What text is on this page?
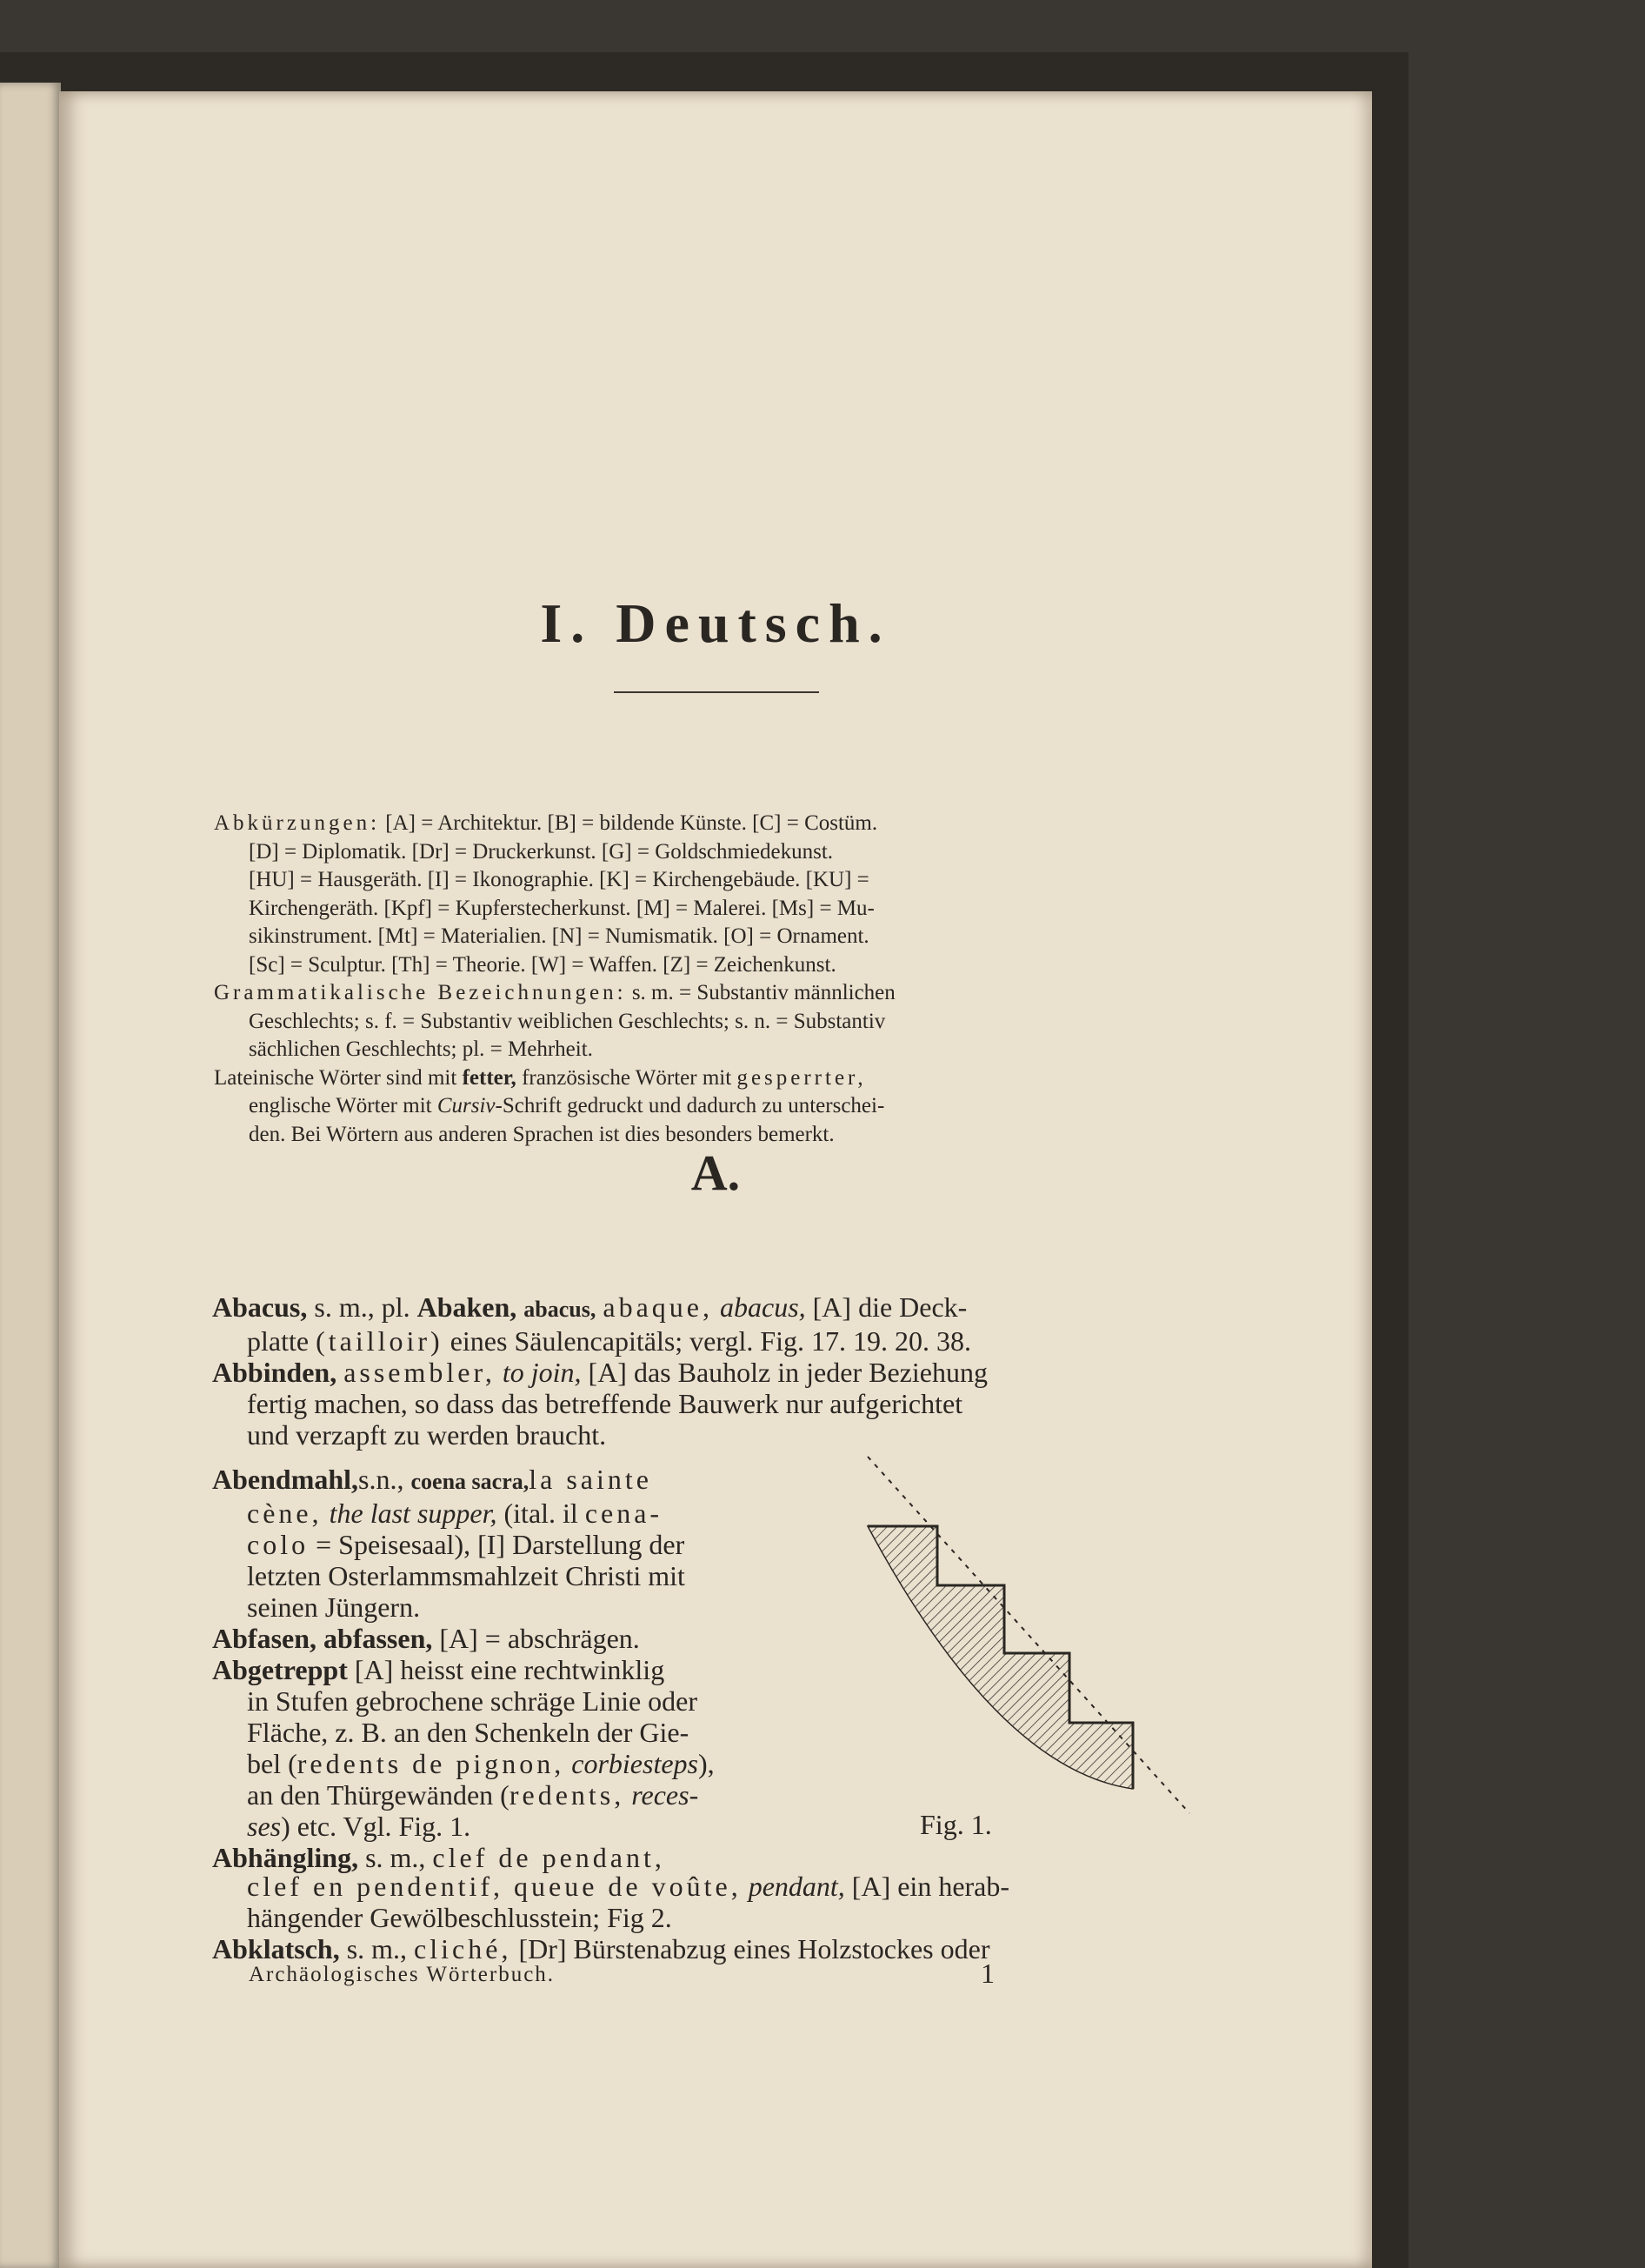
I. Deutsch.
Abkürzungen: [A] = Architektur. [B] = bildende Künste. [C] = Costüm.
[D] = Diplomatik. [Dr] = Druckerkunst. [G] = Goldschmiedekunst.
[HU] = Hausgeräth. [I] = Ikonographie. [K] = Kirchengebäude. [KU] =
Kirchengeräth. [Kpf] = Kupferstecherkunst. [M] = Malerei. [Ms] = Mu-
sikinstrument. [Mt] = Materialien. [N] = Numismatik. [O] = Ornament.
[Sc] = Sculptur. [Th] = Theorie. [W] = Waffen. [Z] = Zeichenkunst.
Grammatikalische Bezeichnungen: s. m. = Substantiv männlichen
Geschlechts; s. f. = Substantiv weiblichen Geschlechts; s. n. = Substantiv
sächlichen Geschlechts; pl. = Mehrheit.
Lateinische Wörter sind mit fetter, französische Wörter mit gesperrter,
englische Wörter mit Cursiv-Schrift gedruckt und dadurch zu unterschei-
den. Bei Wörtern aus anderen Sprachen ist dies besonders bemerkt.
A.
Abacus, s. m., pl. Abaken, abacus, abaque, abacus, [A] die Deck-
platte (tailloir) eines Säulencapitäls; vergl. Fig. 17. 19. 20. 38.
Abbinden, assembler, to join, [A] das Bauholz in jeder Beziehung
fertig machen, so dass das betreffende Bauwerk nur aufgerichtet
und verzapft zu werden braucht.
Abendmahl,s.n., coena sacra,la sainte
cène, the last supper, (ital. il cena-
colo = Speisesaal), [I] Darstellung der
letzten Osterlammsmahlzeit Christi mit
seinen Jüngern.
Abfasen, abfassen, [A] = abschrägen.
Abgetreppt [A] heisst eine rechtwinklig
in Stufen gebrochene schräge Linie oder
Fläche, z. B. an den Schenkeln der Gie-
bel (redents de pignon, corbiesteps),
an den Thürgewänden (redents, reces-
ses) etc. Vgl. Fig. 1.
Abhängling, s. m., clef de pendant,
clef en pendentif, queue de voûte, pendant, [A] ein herab-
hängender Gewölbeschlusstein; Fig 2.
Abklatsch, s. m., cliché, [Dr] Bürstenabzug eines Holzstockes oder
Fig. 1.
Archäologisches Wörterbuch.	1
